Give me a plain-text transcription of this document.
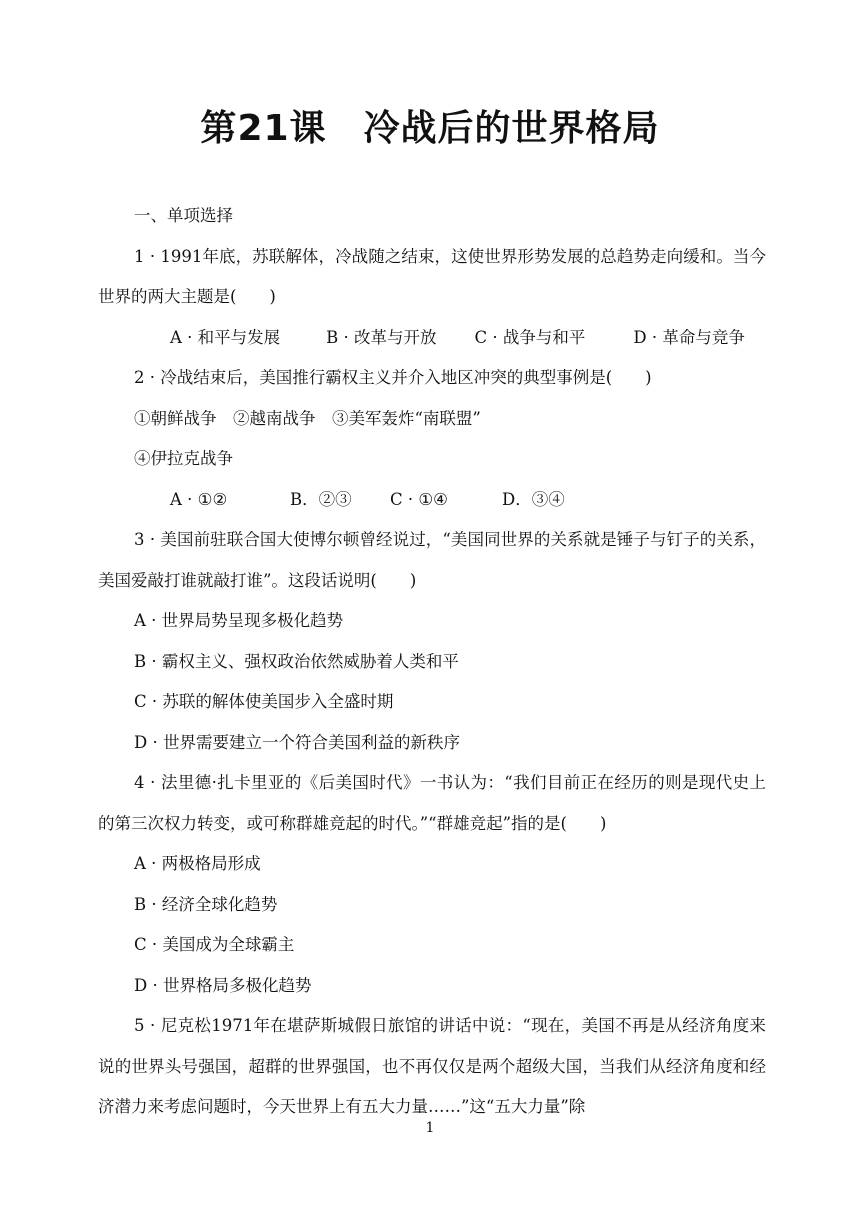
第21课　冷战后的世界格局

一、单项选择

1 · 1991年底，苏联解体，冷战随之结束，这使世界形势发展的总趋势走向缓和。当今世界的两大主题是(　　)

A · 和平与发展	B · 改革与开放 C · 战争与和平	D · 革命与竞争

2 · 冷战结束后，美国推行霸权主义并介入地区冲突的典型事例是(　　)

①朝鲜战争　②越南战争　③美军轰炸“南联盟”

④伊拉克战争

A · ①②	B．②③ C · ①④	D．③④

3 · 美国前驻联合国大使博尔顿曾经说过，“美国同世界的关系就是锤子与钉子的关系，美国爱敲打谁就敲打谁”。这段话说明(　　)

A · 世界局势呈现多极化趋势

B · 霸权主义、强权政治依然威胁着人类和平

C · 苏联的解体使美国步入全盛时期

D · 世界需要建立一个符合美国利益的新秩序

4 · 法里德·扎卡里亚的《后美国时代》一书认为：“我们目前正在经历的则是现代史上的第三次权力转变，或可称群雄竞起的时代。”“群雄竞起”指的是(　　)

A · 两极格局形成

B · 经济全球化趋势

C · 美国成为全球霸主

D · 世界格局多极化趋势

5 · 尼克松1971年在堪萨斯城假日旅馆的讲话中说：“现在，美国不再是从经济角度来说的世界头号强国，超群的世界强国，也不再仅仅是两个超级大国，当我们从经济角度和经济潜力来考虑问题时，今天世界上有五大力量……”这“五大力量”除

1
